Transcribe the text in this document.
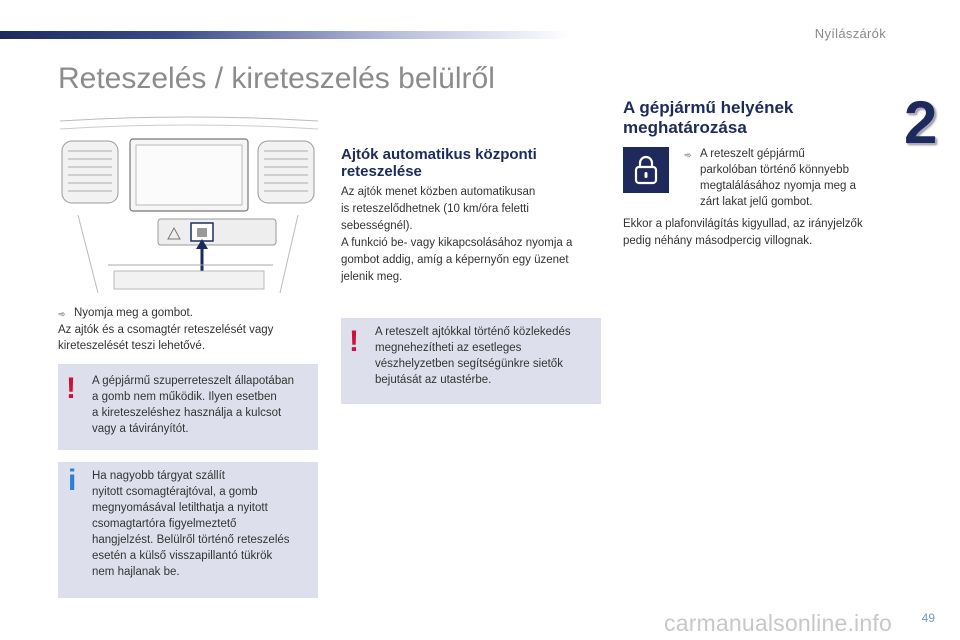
Nyílászárók
2
Reteszelés / kireteszelés belülről
➾ Nyomja meg a gombot.
Az ajtók és a csomagtér reteszelését vagy
kireteszelését teszi lehetővé.
! A gépjármű szuperreteszelt állapotában
a gomb nem működik. Ilyen esetben
a kireteszeléshez használja a kulcsot
vagy a távirányítót.
i Ha nagyobb tárgyat szállít
nyitott csomagtérajtóval, a gomb
megnyomásával letilthatja a nyitott
csomagtartóra figyelmeztető
hangjelzést. Belülről történő reteszelés
esetén a külső visszapillantó tükrök
nem hajlanak be.
Ajtók automatikus központi
reteszelése
Az ajtók menet közben automatikusan
is reteszelődhetnek (10 km/óra feletti
sebességnél).
A funkció be- vagy kikapcsolásához nyomja a
gombot addig, amíg a képernyőn egy üzenet
jelenik meg.
! A reteszelt ajtókkal történő közlekedés
megnehezítheti az esetleges
vészhelyzetben segítségünkre sietők
bejutását az utastérbe.
A gépjármű helyének
meghatározása
➾ A reteszelt gépjármű
parkolóban történő könnyebb
megtalálásához nyomja meg a
zárt lakat jelű gombot.
Ekkor a plafonvilágítás kigyullad, az irányjelzők
pedig néhány másodpercig villognak.
carmanualsonline.info 49
